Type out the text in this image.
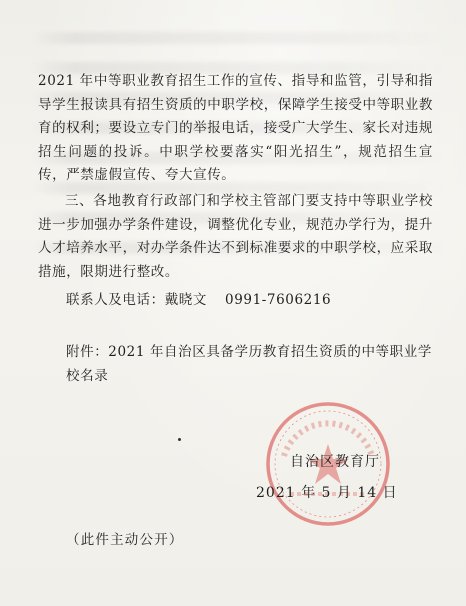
2021 年中等职业教育招生工作的宣传、指导和监管，引导和指导学生报读具有招生资质的中职学校，保障学生接受中等职业教育的权利；要设立专门的举报电话，接受广大学生、家长对违规招生问题的投诉。中职学校要落实“阳光招生”，规范招生宣传，严禁虚假宣传、夸大宣传。

三、各地教育行政部门和学校主管部门要支持中等职业学校进一步加强办学条件建设，调整优化专业，规范办学行为，提升人才培养水平，对办学条件达不到标准要求的中职学校，应采取措施，限期进行整改。

联系人及电话：戴晓文 0991-7606216
附件：2021 年自治区具备学历教育招生资质的中等职业学
校名录
自治区教育厅
2021 年 5 月 14 日
（此件主动公开）
